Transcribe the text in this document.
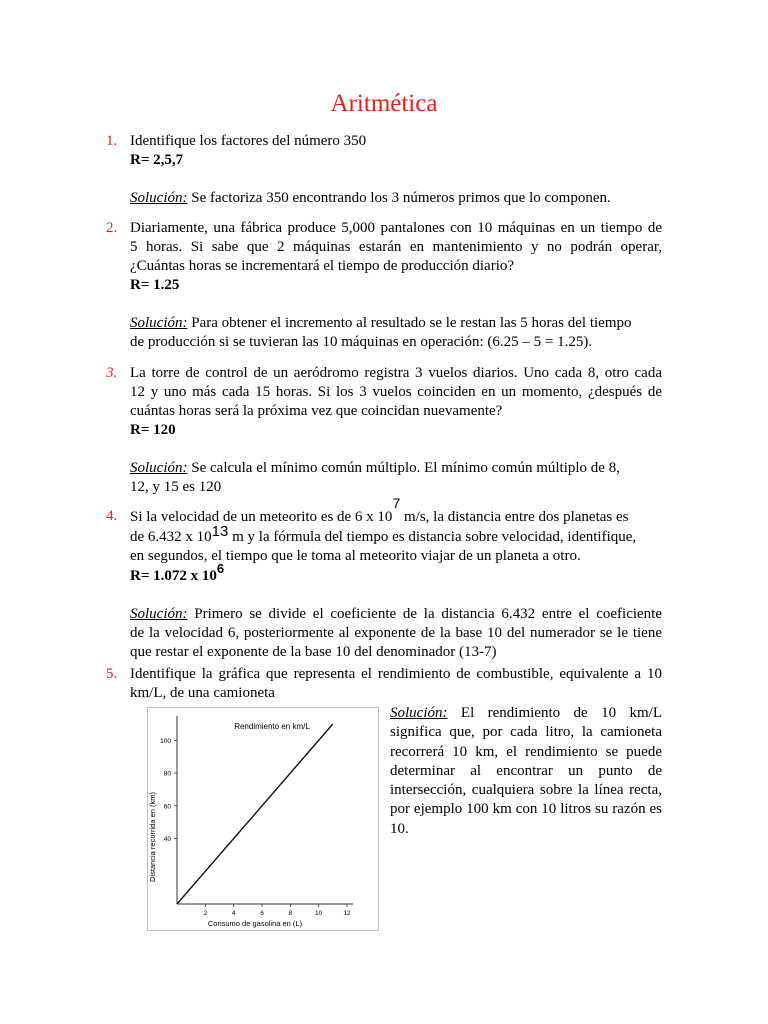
Aritmética
1. Identifique los factores del número 350
R= 2,5,7
Solución: Se factoriza 350 encontrando los 3 números primos que lo componen.
2. Diariamente, una fábrica produce 5,000 pantalones con 10 máquinas en un tiempo de
5 horas. Si sabe que 2 máquinas estarán en mantenimiento y no podrán operar,
¿Cuántas horas se incrementará el tiempo de producción diario?
R= 1.25
Solución: Para obtener el incremento al resultado se le restan las 5 horas del tiempo
de producción si se tuvieran las 10 máquinas en operación: (6.25 – 5 = 1.25).
3. La torre de control de un aeródromo registra 3 vuelos diarios. Uno cada 8, otro cada
12 y uno más cada 15 horas. Si los 3 vuelos coinciden en un momento, ¿después de
cuántas horas será la próxima vez que coincidan nuevamente?
R= 120
Solución: Se calcula el mínimo común múltiplo. El mínimo común múltiplo de 8,
12, y 15 es 120
4. Si la velocidad de un meteorito es de 6 x 107 m/s, la distancia entre dos planetas es
de 6.432 x 1013 m y la fórmula del tiempo es distancia sobre velocidad, identifique,
en segundos, el tiempo que le toma al meteorito viajar de un planeta a otro.
R= 1.072 x 106
Solución: Primero se divide el coeficiente de la distancia 6.432 entre el coeficiente
de la velocidad 6, posteriormente al exponente de la base 10 del numerador se le tiene
que restar el exponente de la base 10 del denominador (13-7)
5. Identifique la gráfica que representa el rendimiento de combustible, equivalente a 10
km/L, de una camioneta
Solución: El rendimiento de 10 km/L
significa que, por cada litro, la camioneta
recorrerá 10 km, el rendimiento se puede
determinar al encontrar un punto de
intersección, cualquiera sobre la línea recta,
por ejemplo 100 km con 10 litros su razón es
10.
Rendimiento en km/L
2	4	6	8	10	12
40
60
80
100
Consumo de gasolina en (L)
Distancia recorrida en (km)
